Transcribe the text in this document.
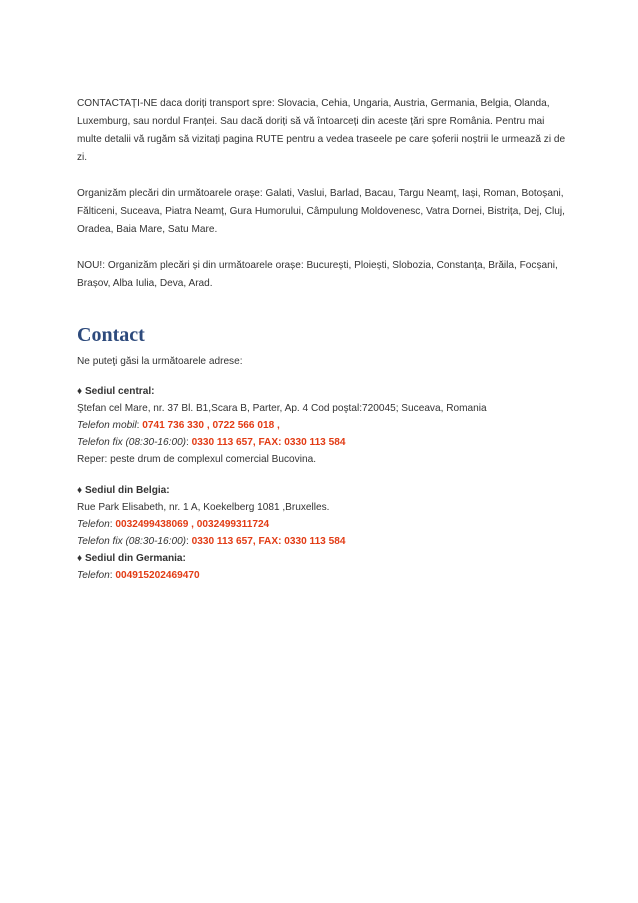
CONTACTAȚI-NE daca doriți transport spre: Slovacia, Cehia, Ungaria, Austria, Germania, Belgia, Olanda, Luxemburg, sau nordul Franței. Sau dacă doriți să vă întoarceți din aceste țări spre România. Pentru mai multe detalii vă rugăm să vizitați pagina RUTE pentru a vedea traseele pe care șoferii noștrii le urmează zi de zi.

Organizăm plecări din următoarele orașe: Galati, Vaslui, Barlad, Bacau, Targu Neamț, Iași, Roman, Botoșani, Fălticeni, Suceava, Piatra Neamț, Gura Humorului, Câmpulung Moldovenesc, Vatra Dornei, Bistrița, Dej, Cluj, Oradea, Baia Mare, Satu Mare.

NOU!: Organizăm plecări și din următoarele orașe: București, Ploiești, Slobozia, Constanța, Brăila, Focșani, Brașov, Alba Iulia, Deva, Arad.

Contact

Ne puteţi găsi la următoarele adrese:

♦ Sediul central:

Ştefan cel Mare, nr. 37 Bl. B1,Scara B, Parter, Ap. 4 Cod poştal:720045; Suceava, Romania

Telefon mobil: 0741 736 330 , 0722 566 018 ,

Telefon fix (08:30-16:00): 0330 113 657, FAX: 0330 113 584

Reper: peste drum de complexul comercial Bucovina.

♦ Sediul din Belgia:

Rue Park Elisabeth, nr. 1 A, Koekelberg 1081 ,Bruxelles.

Telefon: 0032499438069 , 0032499311724

Telefon fix (08:30-16:00): 0330 113 657, FAX: 0330 113 584

♦ Sediul din Germania:

Telefon: 004915202469470
